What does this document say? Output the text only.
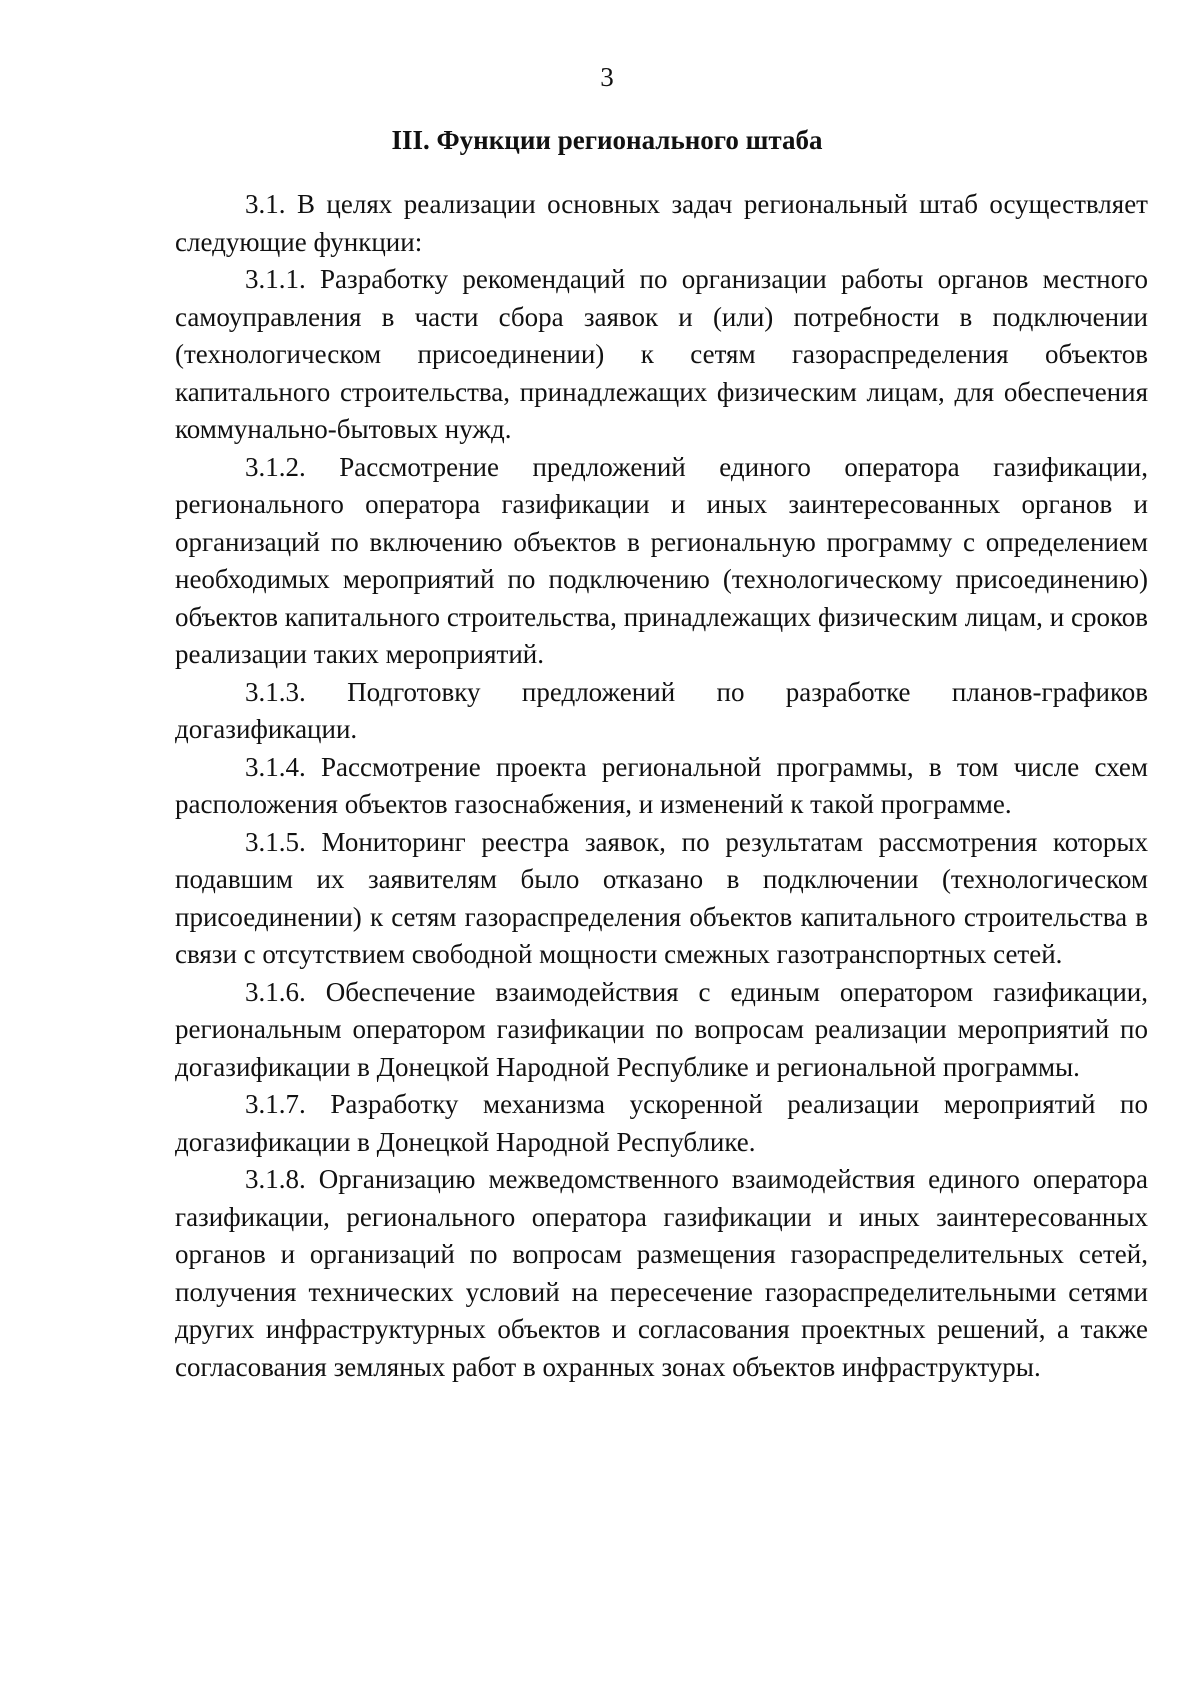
3
III. Функции регионального штаба

3.1. В целях реализации основных задач региональный штаб осуществляет следующие функции:

3.1.1. Разработку рекомендаций по организации работы органов местного самоуправления в части сбора заявок и (или) потребности в подключении (технологическом присоединении) к сетям газораспределения объектов капитального строительства, принадлежащих физическим лицам, для обеспечения коммунально-бытовых нужд.

3.1.2. Рассмотрение предложений единого оператора газификации, регионального оператора газификации и иных заинтересованных органов и организаций по включению объектов в региональную программу с определением необходимых мероприятий по подключению (технологическому присоединению) объектов капитального строительства, принадлежащих физическим лицам, и сроков реализации таких мероприятий.

3.1.3. Подготовку предложений по разработке планов-графиков догазификации.

3.1.4. Рассмотрение проекта региональной программы, в том числе схем расположения объектов газоснабжения, и изменений к такой программе.

3.1.5. Мониторинг реестра заявок, по результатам рассмотрения которых подавшим их заявителям было отказано в подключении (технологическом присоединении) к сетям газораспределения объектов капитального строительства в связи с отсутствием свободной мощности смежных газотранспортных сетей.

3.1.6. Обеспечение взаимодействия с единым оператором газификации, региональным оператором газификации по вопросам реализации мероприятий по догазификации в Донецкой Народной Республике и региональной программы.

3.1.7. Разработку механизма ускоренной реализации мероприятий по догазификации в Донецкой Народной Республике.

3.1.8. Организацию межведомственного взаимодействия единого оператора газификации, регионального оператора газификации и иных заинтересованных органов и организаций по вопросам размещения газораспределительных сетей, получения технических условий на пересечение газораспределительными сетями других инфраструктурных объектов и согласования проектных решений, а также согласования земляных работ в охранных зонах объектов инфраструктуры.
